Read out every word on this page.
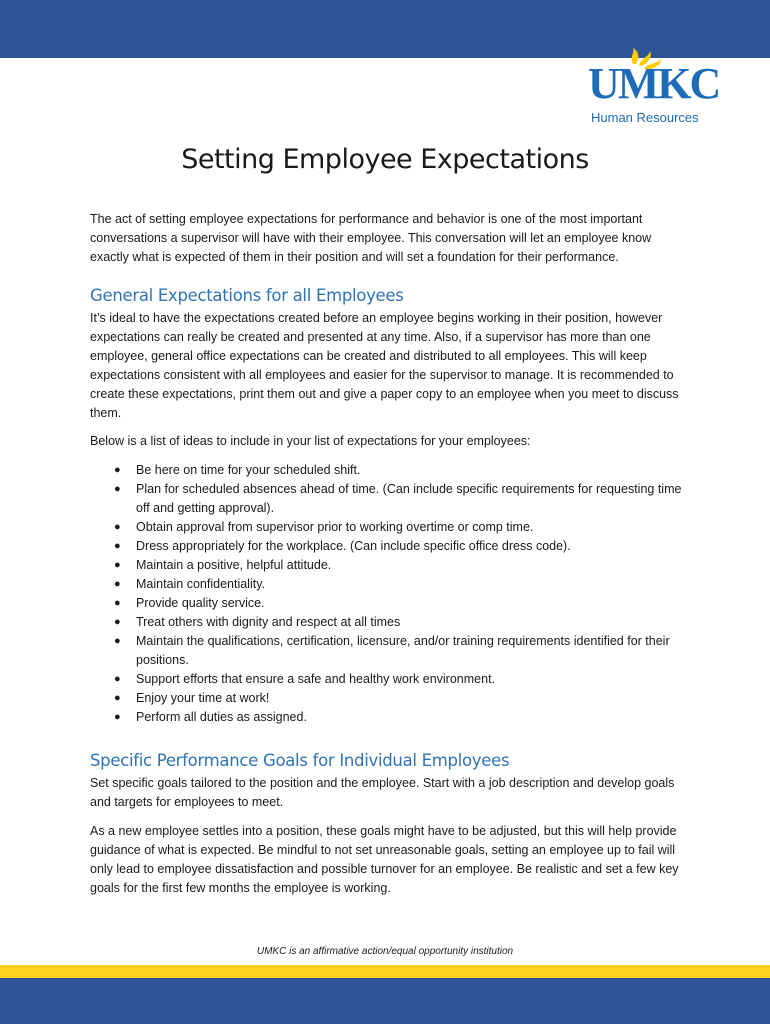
UMKC
Human Resources
Setting Employee Expectations

The act of setting employee expectations for performance and behavior is one of the most important conversations a supervisor will have with their employee. This conversation will let an employee know exactly what is expected of them in their position and will set a foundation for their performance.

General Expectations for all Employees

It’s ideal to have the expectations created before an employee begins working in their position, however expectations can really be created and presented at any time. Also, if a supervisor has more than one employee, general office expectations can be created and distributed to all employees. This will keep expectations consistent with all employees and easier for the supervisor to manage. It is recommended to create these expectations, print them out and give a paper copy to an employee when you meet to discuss them.

Below is a list of ideas to include in your list of expectations for your employees:

● Be here on time for your scheduled shift.
● Plan for scheduled absences ahead of time. (Can include specific requirements for requesting time off and getting approval).
● Obtain approval from supervisor prior to working overtime or comp time.
● Dress appropriately for the workplace. (Can include specific office dress code).
● Maintain a positive, helpful attitude.
● Maintain confidentiality.
● Provide quality service.
● Treat others with dignity and respect at all times
● Maintain the qualifications, certification, licensure, and/or training requirements identified for their positions.
● Support efforts that ensure a safe and healthy work environment.
● Enjoy your time at work!
● Perform all duties as assigned.
Specific Performance Goals for Individual Employees

Set specific goals tailored to the position and the employee. Start with a job description and develop goals and targets for employees to meet.

As a new employee settles into a position, these goals might have to be adjusted, but this will help provide guidance of what is expected. Be mindful to not set unreasonable goals, setting an employee up to fail will only lead to employee dissatisfaction and possible turnover for an employee. Be realistic and set a few key goals for the first few months the employee is working.

UMKC is an affirmative action/equal opportunity institution
